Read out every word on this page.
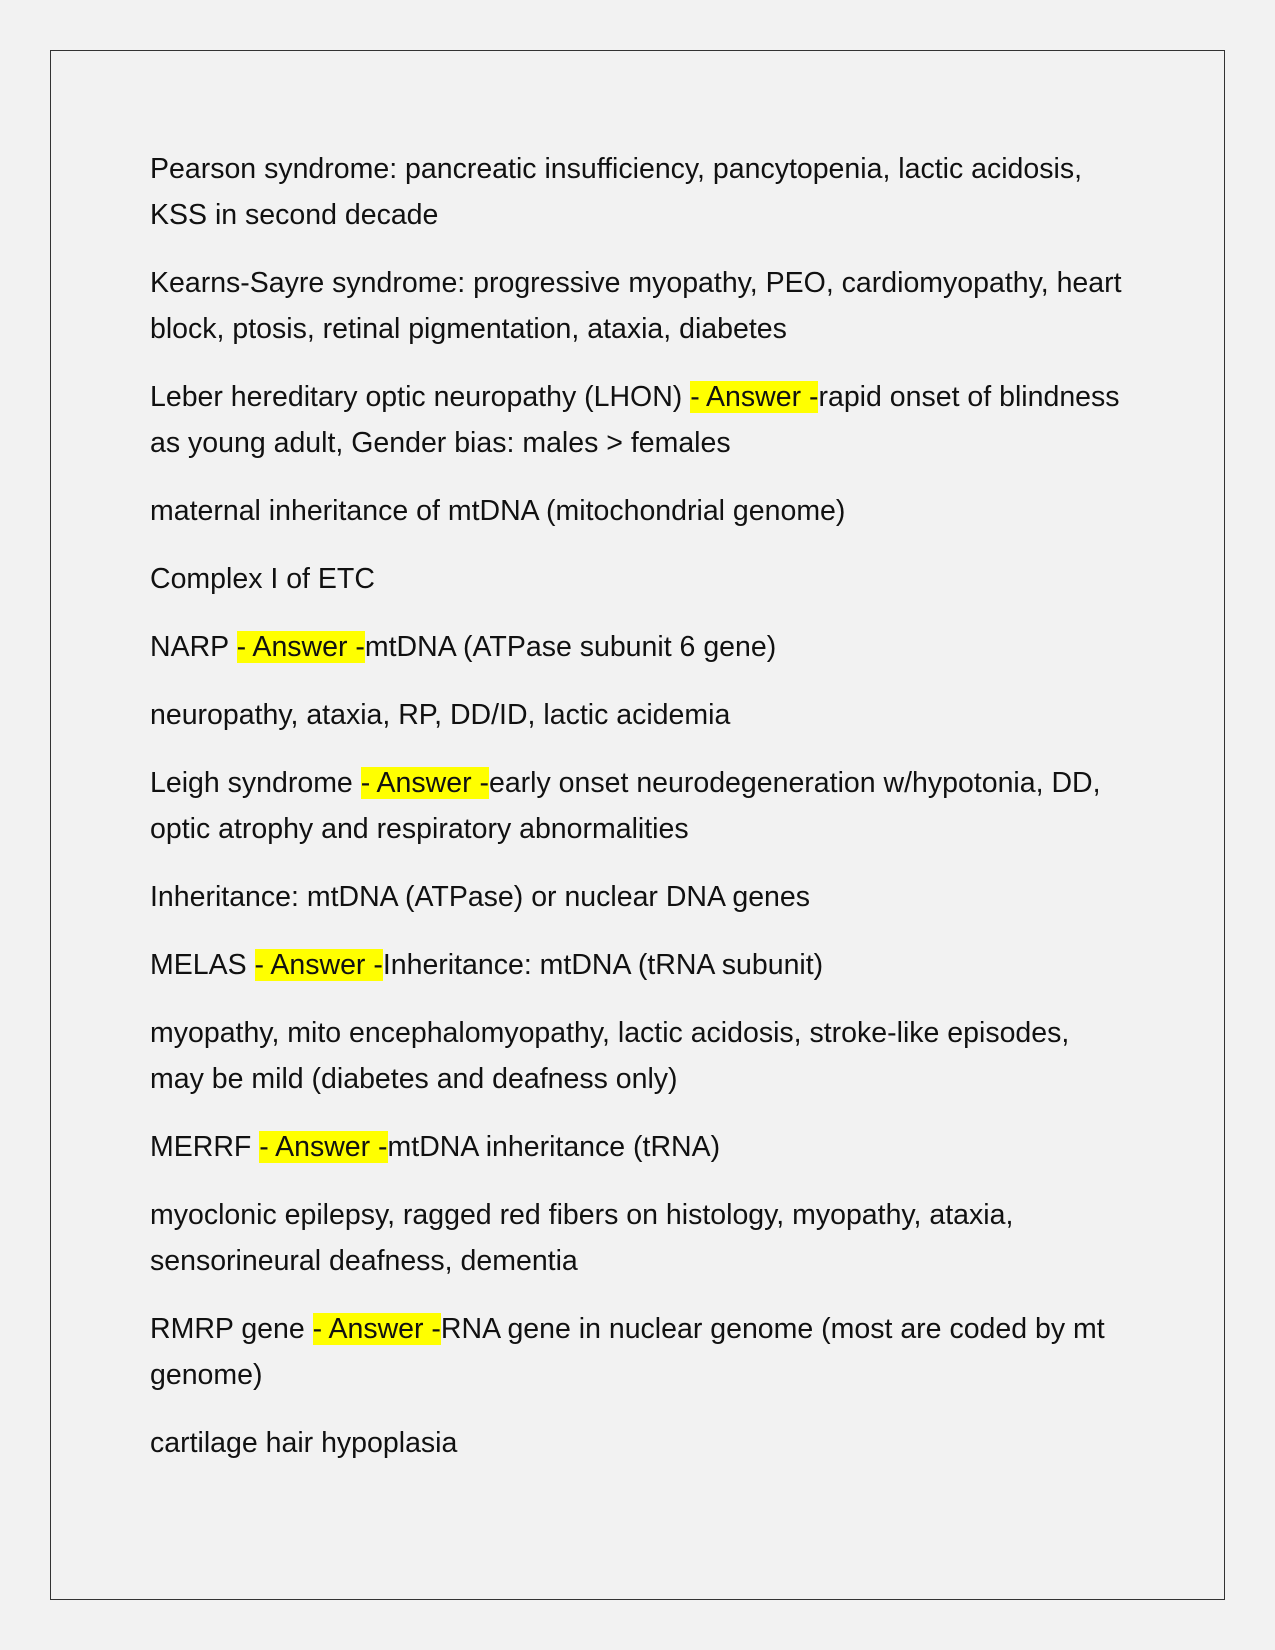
Pearson syndrome: pancreatic insufficiency, pancytopenia, lactic acidosis, KSS in second decade

Kearns-Sayre syndrome: progressive myopathy, PEO, cardiomyopathy, heart block, ptosis, retinal pigmentation, ataxia, diabetes

Leber hereditary optic neuropathy (LHON) - Answer -rapid onset of blindness as young adult, Gender bias: males > females

maternal inheritance of mtDNA (mitochondrial genome)

Complex I of ETC

NARP - Answer -mtDNA (ATPase subunit 6 gene)

neuropathy, ataxia, RP, DD/ID, lactic acidemia

Leigh syndrome - Answer -early onset neurodegeneration w/hypotonia, DD, optic atrophy and respiratory abnormalities

Inheritance: mtDNA (ATPase) or nuclear DNA genes

MELAS - Answer -Inheritance: mtDNA (tRNA subunit)

myopathy, mito encephalomyopathy, lactic acidosis, stroke-like episodes, may be mild (diabetes and deafness only)

MERRF - Answer -mtDNA inheritance (tRNA)

myoclonic epilepsy, ragged red fibers on histology, myopathy, ataxia, sensorineural deafness, dementia

RMRP gene - Answer -RNA gene in nuclear genome (most are coded by mt genome)

cartilage hair hypoplasia
